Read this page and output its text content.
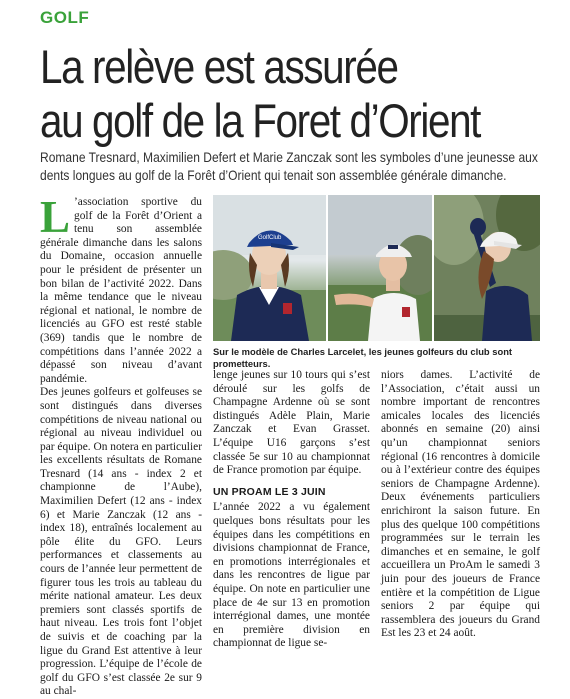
GOLF
La relève est assurée
au golf de la Foret d’Orient
Romane Tresnard, Maximilien Defert et Marie Zanczak sont les symboles d’une jeunesse aux dents longues au golf de la Forêt d’Orient qui tenait son assemblée générale dimanche.
L ’association sportive du golf de la Forêt d’Orient a tenu son assemblée générale dimanche dans les salons du Domaine, occasion annuelle pour le président de présenter un bon bilan de l’activité 2022. Dans la même tendance que le niveau régional et national, le nombre de licenciés au GFO est resté stable (369) tandis que le nombre de compétitions dans l’année 2022 a dépassé son niveau d’avant pandémie.

Des jeunes golfeurs et golfeuses se sont distingués dans diverses compétitions de niveau national ou régional au niveau individuel ou par équipe. On notera en particulier les excellents résultats de Romane Tresnard (14 ans - index 2 et championne de l’Aube), Maximilien Defert (12 ans - index 6) et Marie Zanczak (12 ans - index 18), entraînés localement au pôle élite du GFO. Leurs performances et classements au cours de l’année leur permettent de figurer tous les trois au tableau du mérite national amateur. Les deux premiers sont classés sportifs de haut niveau. Les trois font l’objet de suivis et de coaching par la ligue du Grand Est attentive à leur progression. L’équipe de l’école de golf du GFO s’est classée 2e sur 9 au chal-

GolfClub
Sur le modèle de Charles Larcelet, les jeunes golfeurs du club sont prometteurs.

lenge jeunes sur 10 tours qui s’est déroulé sur les golfs de Champagne Ardenne où se sont distingués Adèle Plain, Marie Zanczak et Evan Grasset. L’équipe U16 garçons s’est classée 5e sur 10 au championnat de France promotion par équipe.

UN PROAM LE 3 JUIN

L’année 2022 a vu également quelques bons résultats pour les équipes dans les compétitions en divisions championnat de France, en promotions interrégionales et dans les rencontres de ligue par équipe. On note en particulier une place de 4e sur 13 en promotion interrégional dames, une montée en première division en championnat de ligue se-

niors dames. L’activité de l’Association, c’était aussi un nombre important de rencontres amicales locales des licenciés abonnés en semaine (20) ainsi qu’un championnat seniors régional (16 rencontres à domicile ou à l’extérieur contre des équipes seniors de Champagne Ardenne). Deux événements particuliers enrichiront la saison future. En plus des quelque 100 compétitions programmées sur le terrain les dimanches et en semaine, le golf accueillera un ProAm le samedi 3 juin pour des joueurs de France entière et la compétition de Ligue seniors 2 par équipe qui rassemblera des joueurs du Grand Est les 23 et 24 août.
